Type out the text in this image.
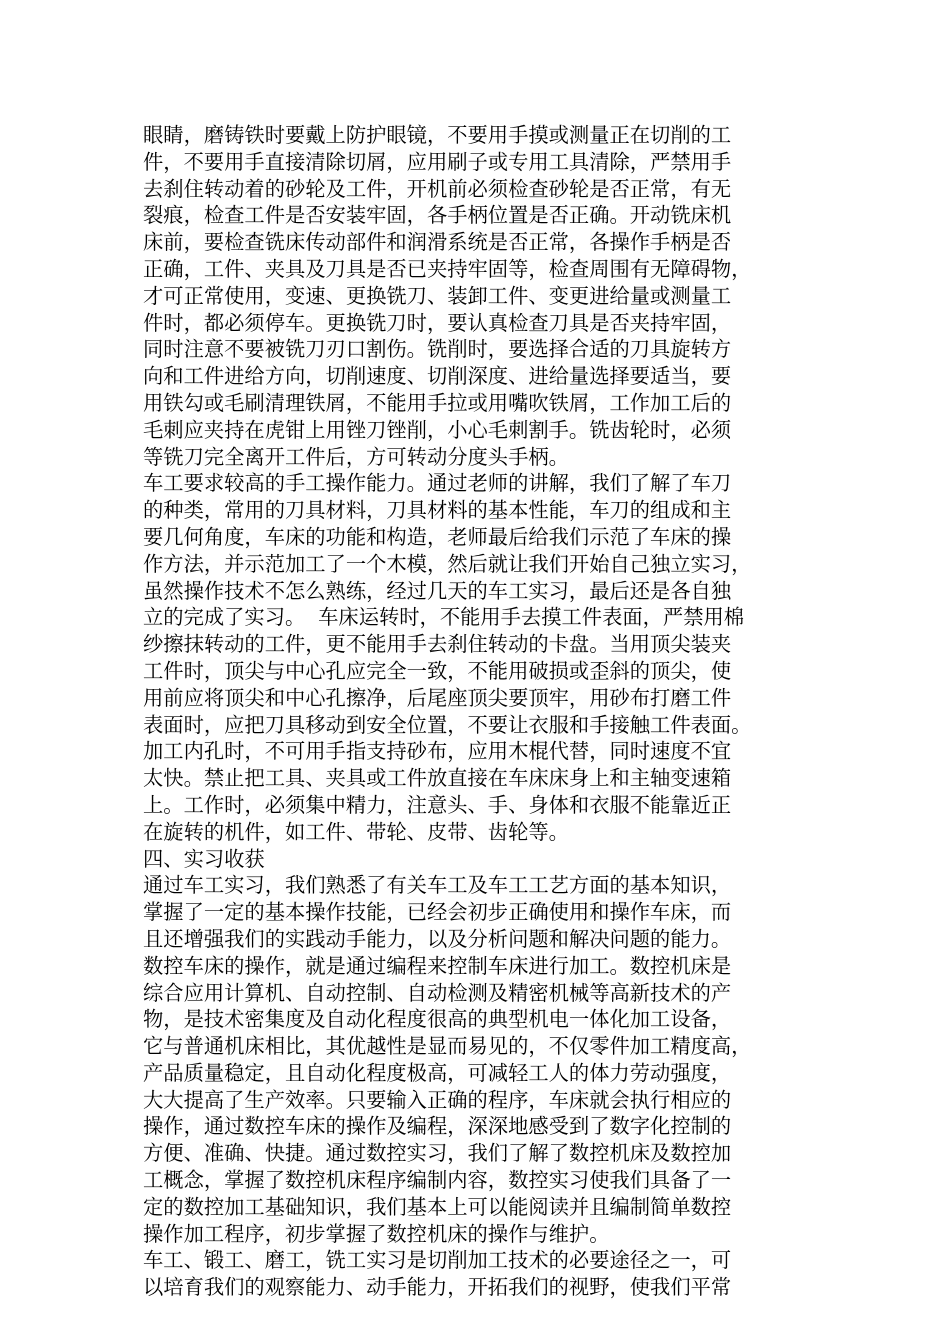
眼睛，磨铸铁时要戴上防护眼镜，不要用手摸或测量正在切削的工
件，不要用手直接清除切屑，应用刷子或专用工具清除，严禁用手
去刹住转动着的砂轮及工件，开机前必须检查砂轮是否正常，有无
裂痕，检查工件是否安装牢固，各手柄位置是否正确。开动铣床机
床前，要检查铣床传动部件和润滑系统是否正常，各操作手柄是否
正确，工件、夹具及刀具是否已夹持牢固等，检查周围有无障碍物，
才可正常使用，变速、更换铣刀、装卸工件、变更进给量或测量工
件时，都必须停车。更换铣刀时，要认真检查刀具是否夹持牢固，
同时注意不要被铣刀刃口割伤。铣削时，要选择合适的刀具旋转方
向和工件进给方向，切削速度、切削深度、进给量选择要适当，要
用铁勾或毛刷清理铁屑，不能用手拉或用嘴吹铁屑，工作加工后的
毛刺应夹持在虎钳上用锉刀锉削，小心毛刺割手。铣齿轮时，必须
等铣刀完全离开工件后，方可转动分度头手柄。
车工要求较高的手工操作能力。通过老师的讲解，我们了解了车刀
的种类，常用的刀具材料，刀具材料的基本性能，车刀的组成和主
要几何角度，车床的功能和构造，老师最后给我们示范了车床的操
作方法，并示范加工了一个木模，然后就让我们开始自己独立实习，
虽然操作技术不怎么熟练，经过几天的车工实习，最后还是各自独
立的完成了实习。  车床运转时，不能用手去摸工件表面，严禁用棉
纱擦抹转动的工件，更不能用手去刹住转动的卡盘。当用顶尖装夹
工件时，顶尖与中心孔应完全一致，不能用破损或歪斜的顶尖，使
用前应将顶尖和中心孔擦净，后尾座顶尖要顶牢，用砂布打磨工件
表面时，应把刀具移动到安全位置，不要让衣服和手接触工件表面。
加工内孔时，不可用手指支持砂布，应用木棍代替，同时速度不宜
太快。禁止把工具、夹具或工件放直接在车床床身上和主轴变速箱
上。工作时，必须集中精力，注意头、手、身体和衣服不能靠近正
在旋转的机件，如工件、带轮、皮带、齿轮等。
四、实习收获
通过车工实习，我们熟悉了有关车工及车工工艺方面的基本知识，
掌握了一定的基本操作技能，已经会初步正确使用和操作车床，而
且还增强我们的实践动手能力，以及分析问题和解决问题的能力。
数控车床的操作，就是通过编程来控制车床进行加工。数控机床是
综合应用计算机、自动控制、自动检测及精密机械等高新技术的产
物，是技术密集度及自动化程度很高的典型机电一体化加工设备，
它与普通机床相比，其优越性是显而易见的，不仅零件加工精度高，
产品质量稳定，且自动化程度极高，可减轻工人的体力劳动强度，
大大提高了生产效率。只要输入正确的程序，车床就会执行相应的
操作，通过数控车床的操作及编程，深深地感受到了数字化控制的
方便、准确、快捷。通过数控实习，我们了解了数控机床及数控加
工概念，掌握了数控机床程序编制内容，数控实习使我们具备了一
定的数控加工基础知识，我们基本上可以能阅读并且编制简单数控
操作加工程序，初步掌握了数控机床的操作与维护。
车工、锻工、磨工，铣工实习是切削加工技术的必要途径之一，可
以培育我们的观察能力、动手能力，开拓我们的视野，使我们平常
